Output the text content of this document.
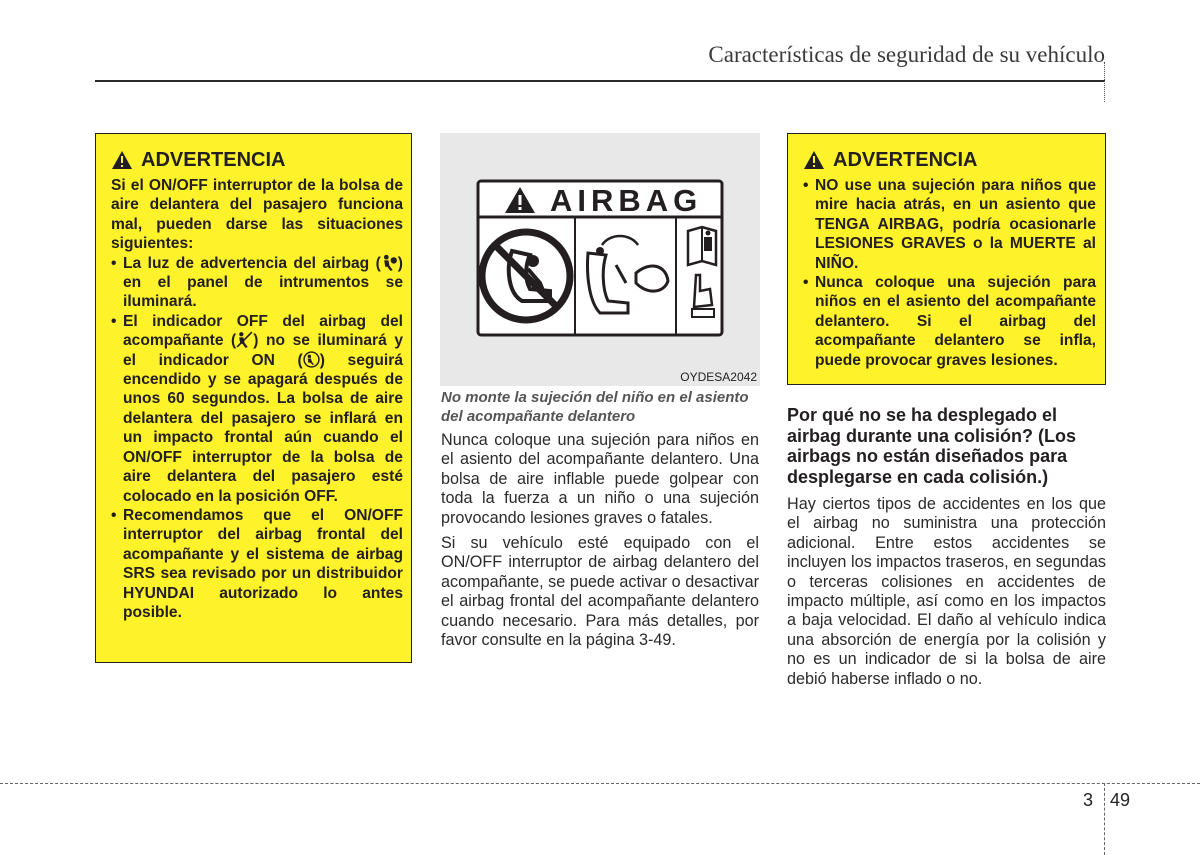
Características de seguridad de su vehículo
ADVERTENCIA

Si el ON/OFF interruptor de la bolsa de aire delantera del pasajero funciona mal, pueden darse las situaciones siguientes:

• La luz de advertencia del airbag ( ) en el panel de intrumentos se iluminará.
• El indicador OFF del airbag del acompañante ( ) no se iluminará y el indicador ON ( ) seguirá encendido y se apagará después de unos 60 segundos. La bolsa de aire delantera del pasajero se inflará en un impacto frontal aún cuando el ON/OFF interruptor de la bolsa de aire delantera del pasajero esté colocado en la posición OFF.
• Recomendamos que el ON/OFF interruptor del airbag frontal del acompañante y el sistema de airbag SRS sea revisado por un distribuidor HYUNDAI autorizado lo antes posible.
AIRBAG
OYDESA2042

No monte la sujeción del niño en el asiento del acompañante delantero

Nunca coloque una sujeción para niños en el asiento del acompañante delantero. Una bolsa de aire inflable puede golpear con toda la fuerza a un niño o una sujeción provocando lesiones graves o fatales.

Si su vehículo esté equipado con el ON/OFF interruptor de airbag delantero del acompañante, se puede activar o desactivar el airbag frontal del acompañante delantero cuando necesario. Para más detalles, por favor consulte en la página 3-49.

ADVERTENCIA
• NO use una sujeción para niños que mire hacia atrás, en un asiento que TENGA AIRBAG, podría ocasionarle LESIONES GRAVES o la MUERTE al NIÑO.
• Nunca coloque una sujeción para niños en el asiento del acompañante delantero. Si el airbag del acompañante delantero se infla, puede provocar graves lesiones.
Por qué no se ha desplegado el airbag durante una colisión? (Los airbags no están diseñados para desplegarse en cada colisión.)

Hay ciertos tipos de accidentes en los que el airbag no suministra una protección adicional. Entre estos accidentes se incluyen los impactos traseros, en segundas o terceras colisiones en accidentes de impacto múltiple, así como en los impactos a baja velocidad. El daño al vehículo indica una absorción de energía por la colisión y no es un indicador de si la bolsa de aire debió haberse inflado o no.

3 49
